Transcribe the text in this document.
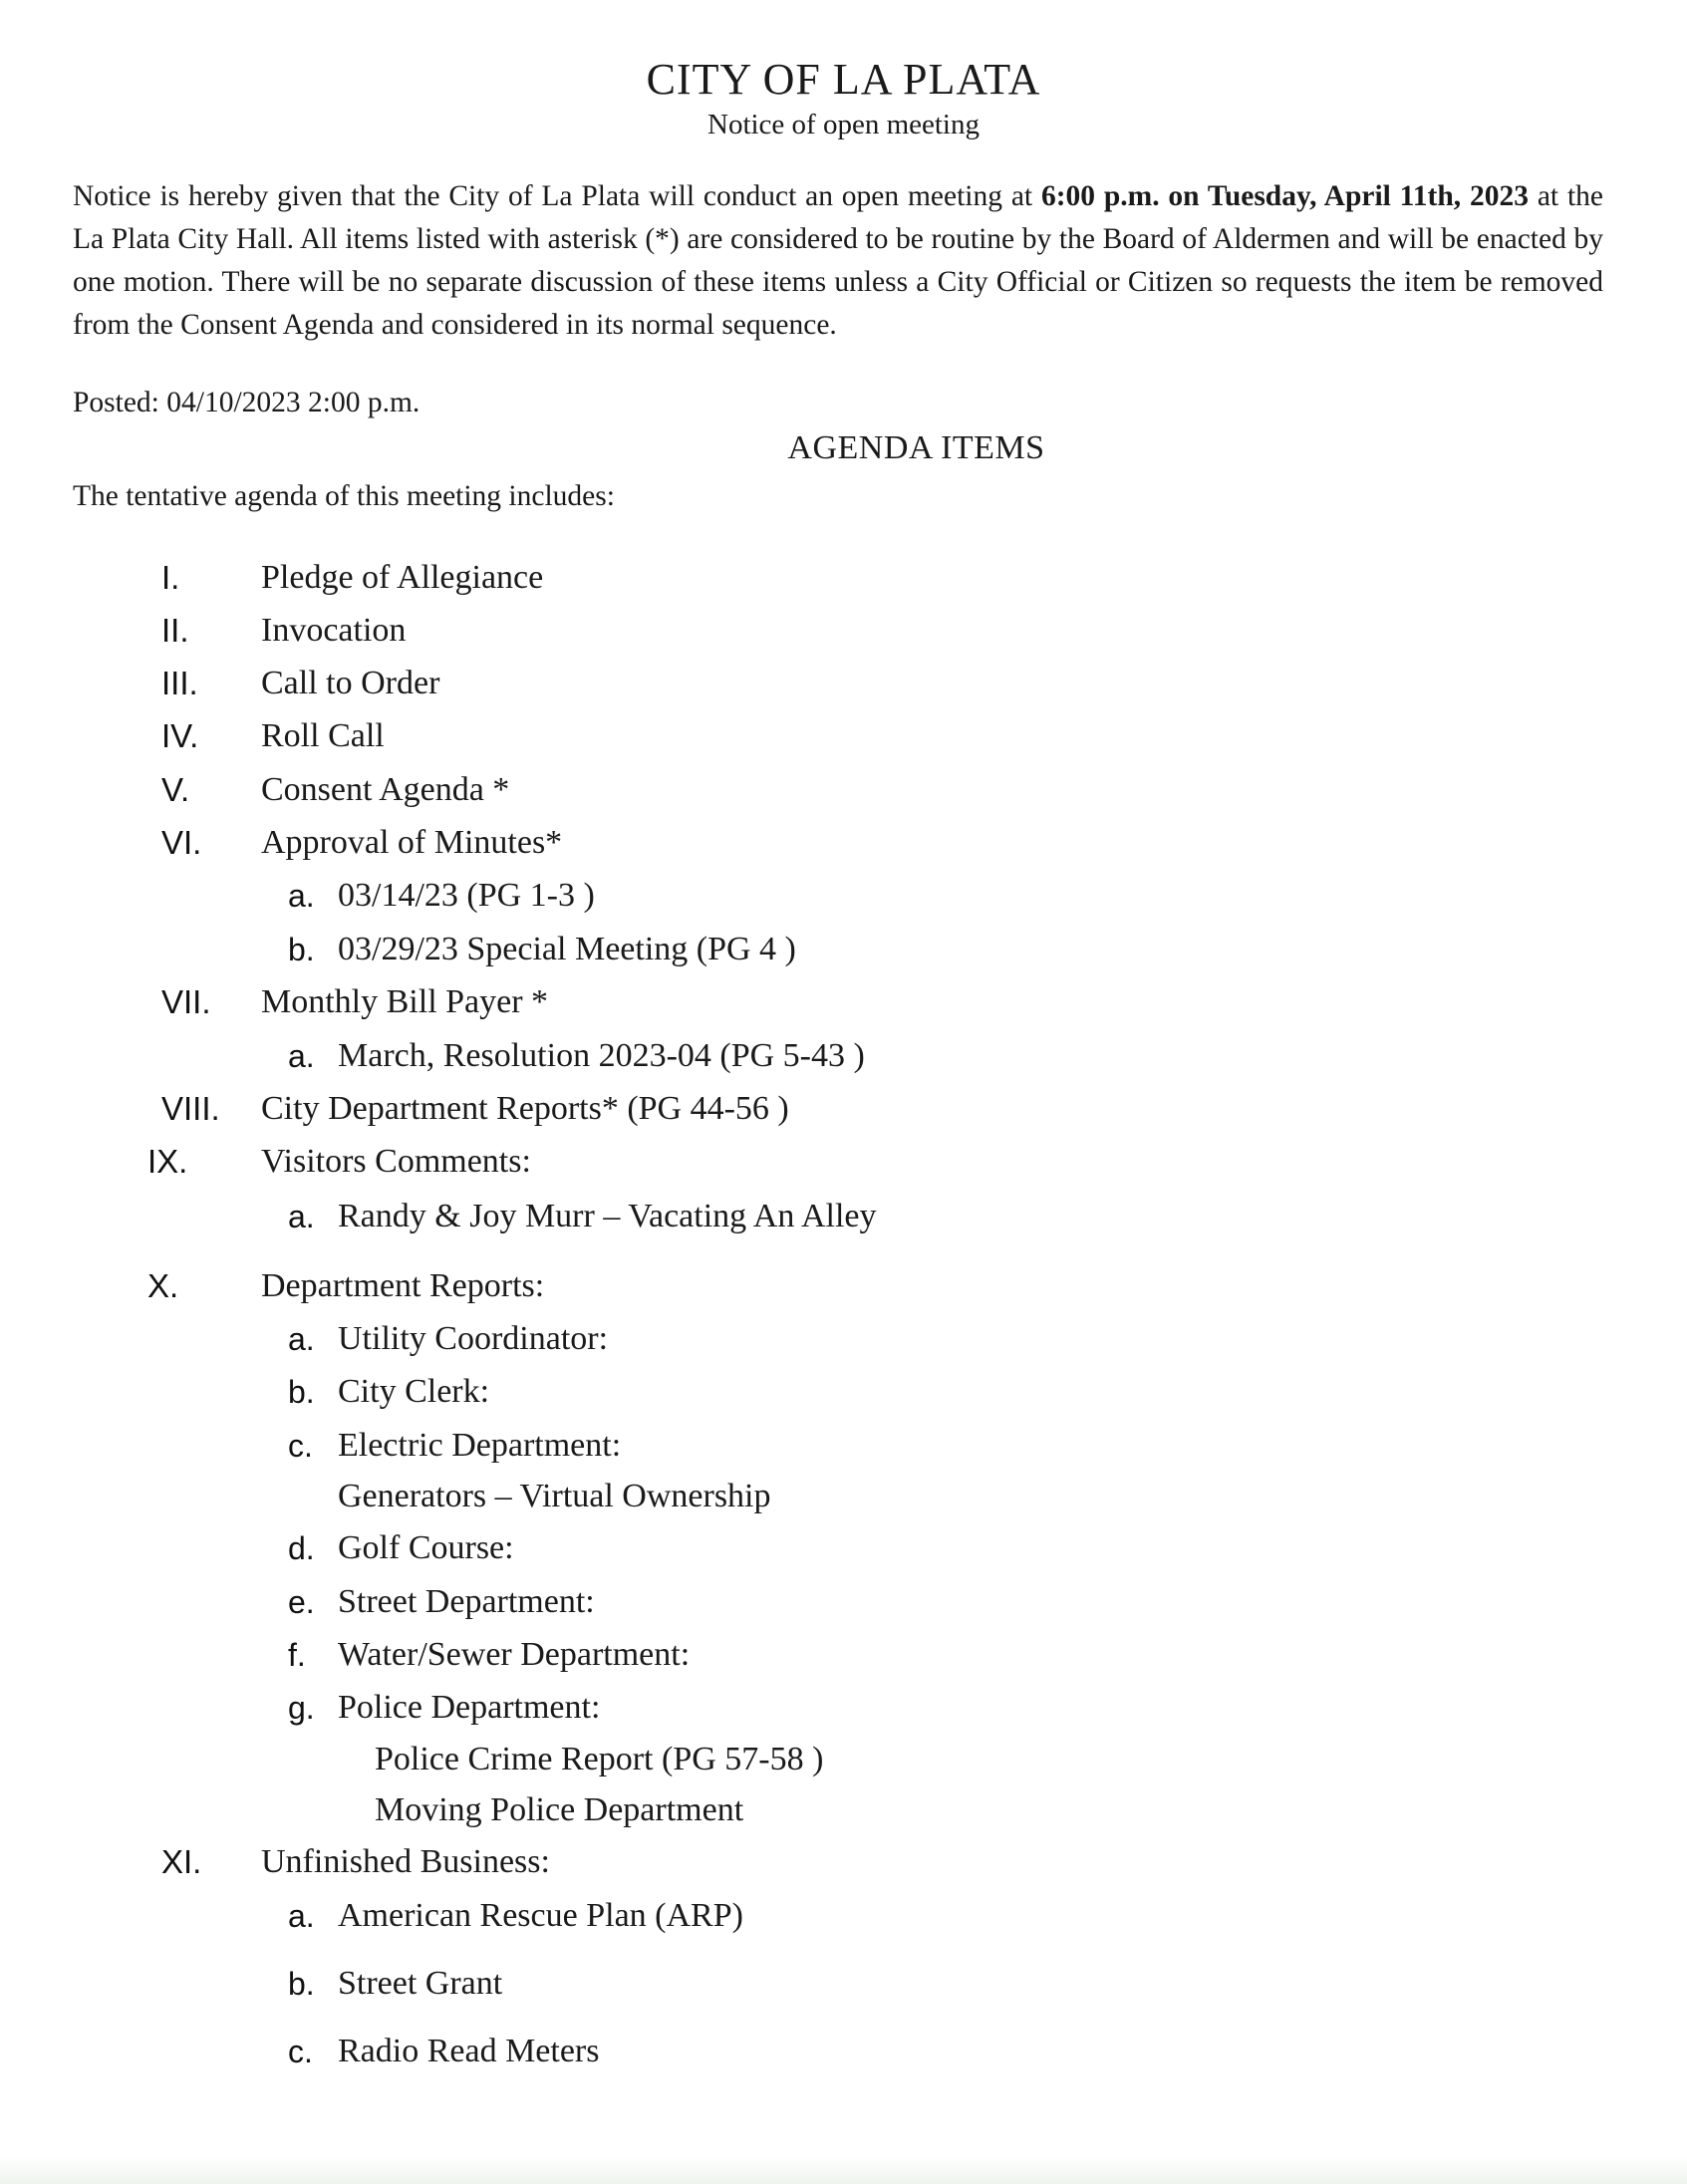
CITY OF LA PLATA
Notice of open meeting
Notice is hereby given that the City of La Plata will conduct an open meeting at 6:00 p.m. on Tuesday, April 11th, 2023 at the La Plata City Hall. All items listed with asterisk (*) are considered to be routine by the Board of Aldermen and will be enacted by one motion. There will be no separate discussion of these items unless a City Official or Citizen so requests the item be removed from the Consent Agenda and considered in its normal sequence.
Posted: 04/10/2023 2:00 p.m.
AGENDA ITEMS
The tentative agenda of this meeting includes:
I. Pledge of Allegiance
II. Invocation
III. Call to Order
IV. Roll Call
V. Consent Agenda *
VI. Approval of Minutes*
a. 03/14/23 (PG 1-3 )
b. 03/29/23 Special Meeting (PG 4 )
VII. Monthly Bill Payer *
a. March, Resolution 2023-04 (PG 5-43 )
VIII. City Department Reports* (PG 44-56 )
IX. Visitors Comments:
a. Randy & Joy Murr – Vacating An Alley
X. Department Reports:
a. Utility Coordinator:
b. City Clerk:
c. Electric Department:
Generators – Virtual Ownership
d. Golf Course:
e. Street Department:
f. Water/Sewer Department:
g. Police Department:
Police Crime Report (PG 57-58 )
Moving Police Department
XI. Unfinished Business:
a. American Rescue Plan (ARP)
b. Street Grant
c. Radio Read Meters
